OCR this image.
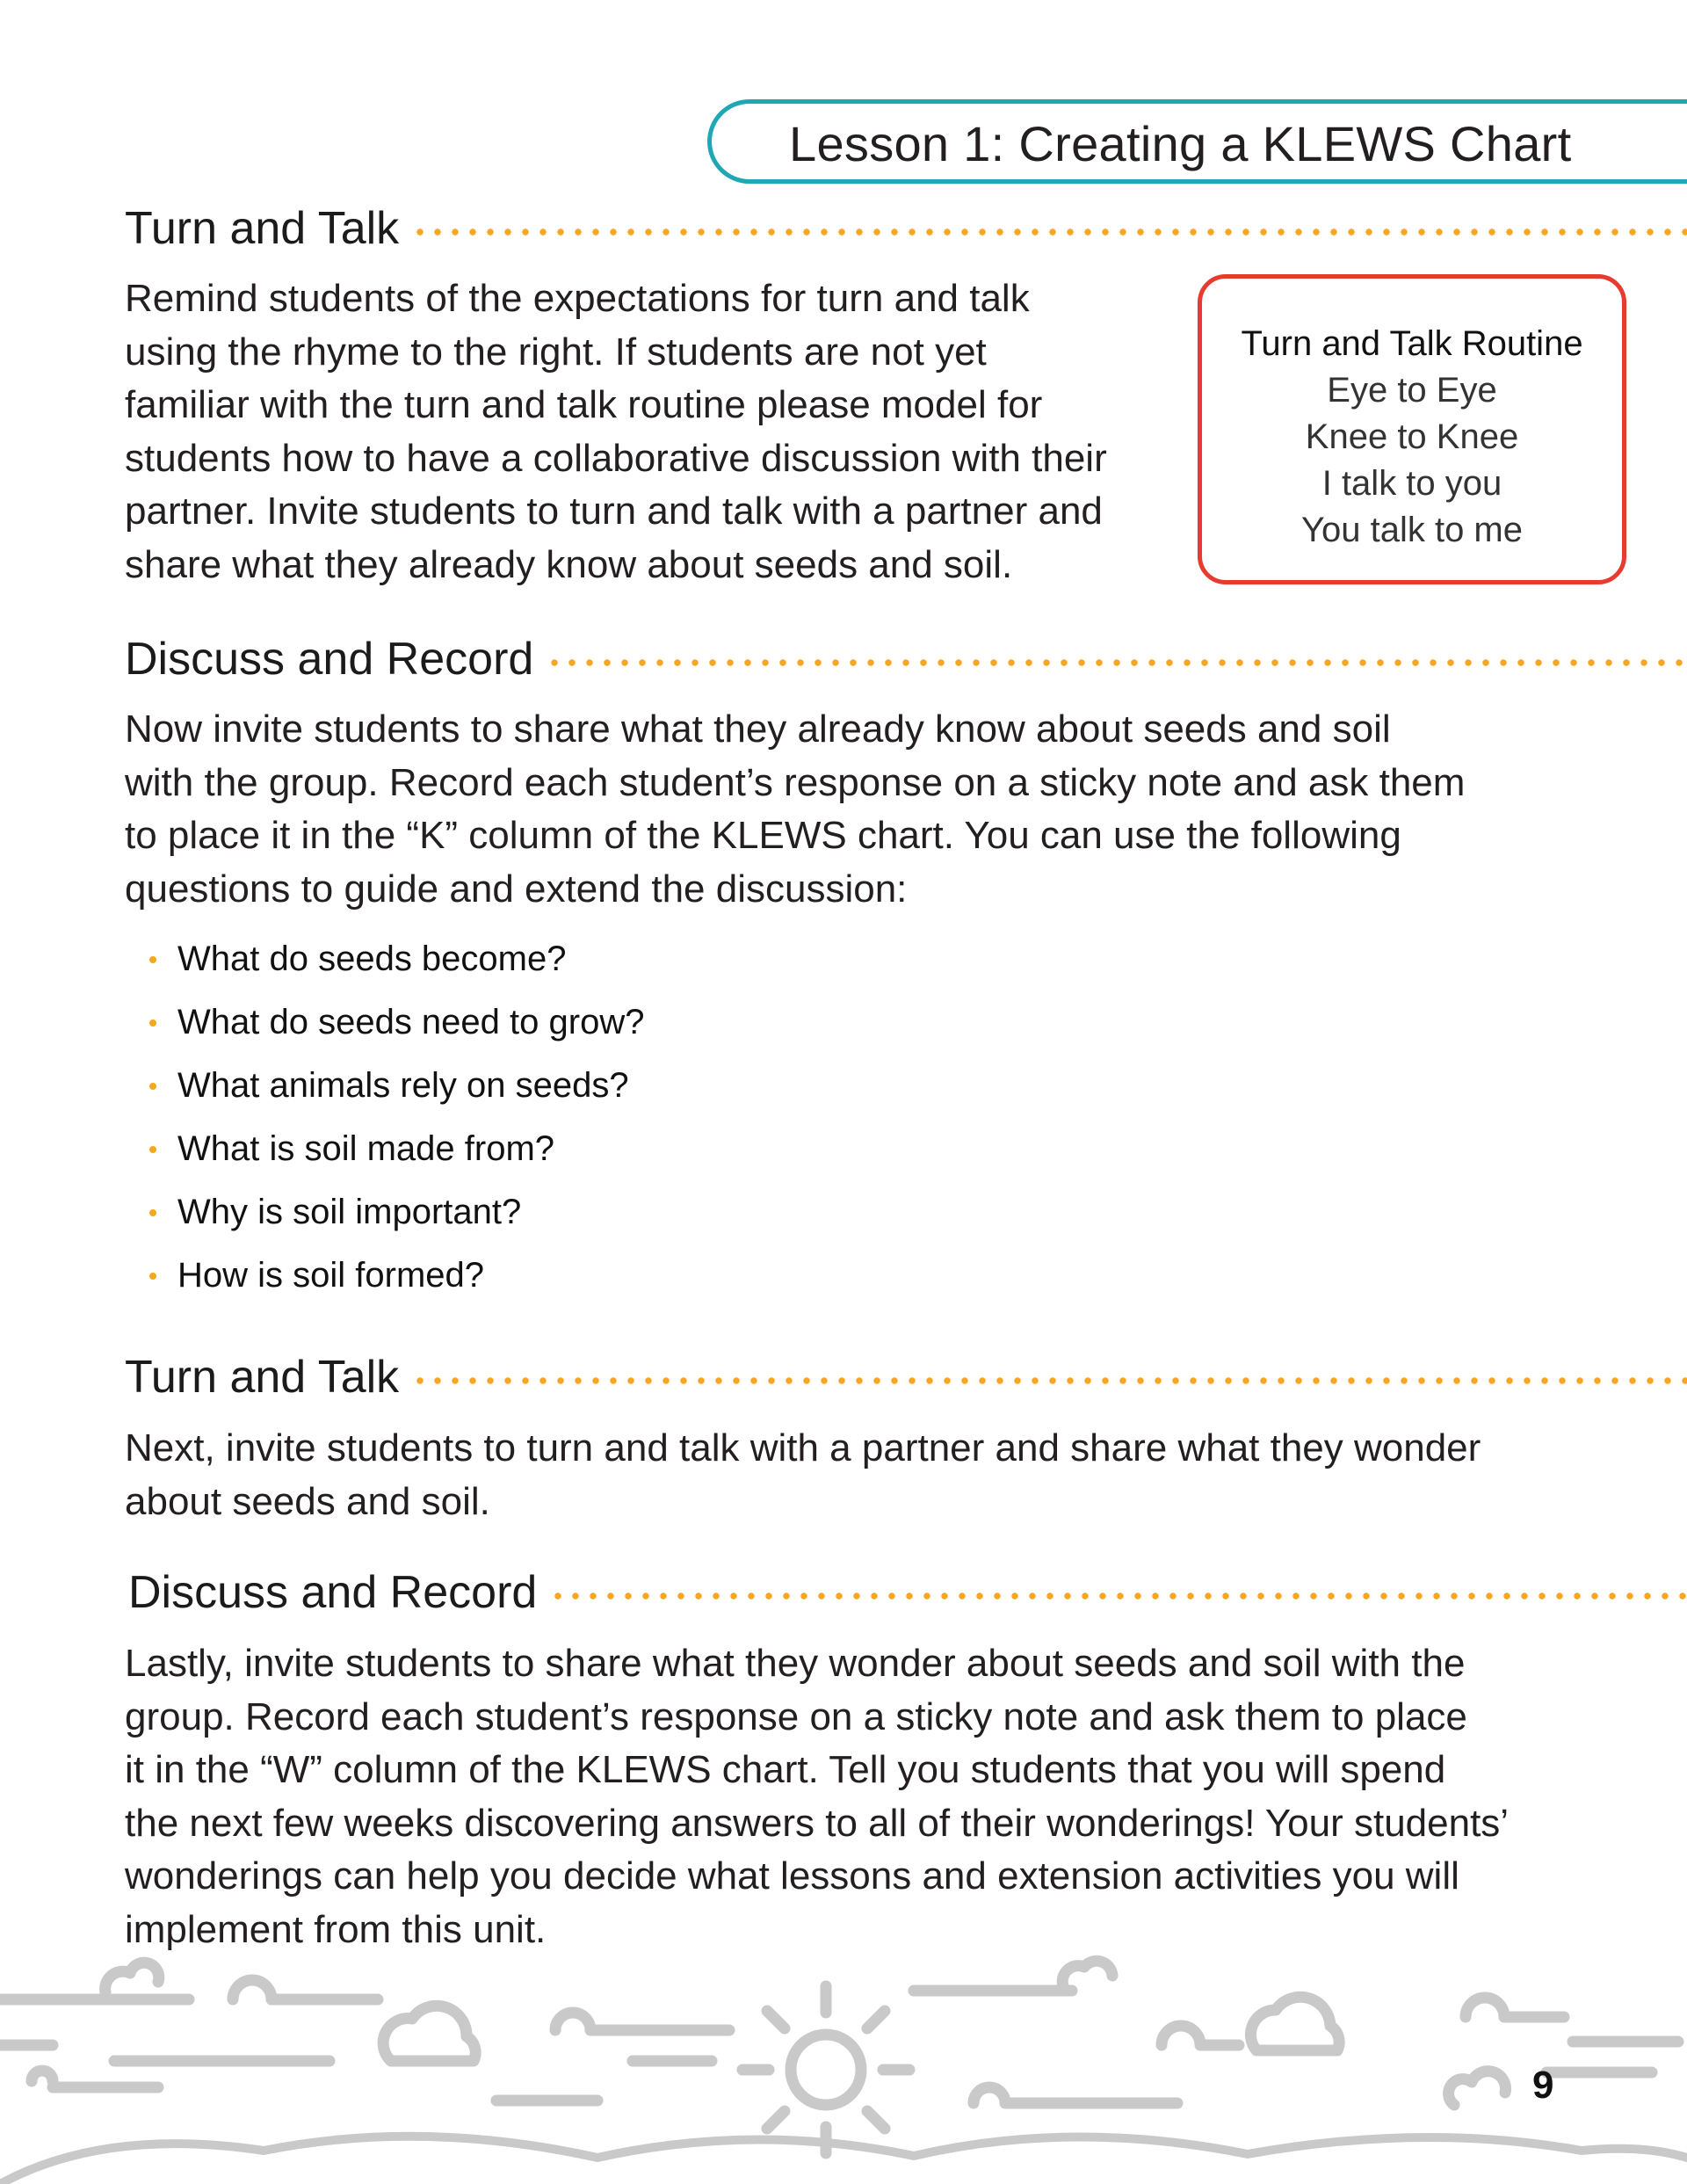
Lesson 1: Creating a KLEWS Chart
Turn and Talk
Remind students of the expectations for turn and talk
using the rhyme to the right. If students are not yet
familiar with the turn and talk routine please model for
students how to have a collaborative discussion with their
partner. Invite students to turn and talk with a partner and
share what they already know about seeds and soil.
Turn and Talk Routine
Eye to Eye
Knee to Knee
I talk to you
You talk to me
Discuss and Record
Now invite students to share what they already know about seeds and soil
with the group. Record each student’s response on a sticky note and ask them
to place it in the “K” column of the KLEWS chart. You can use the following
questions to guide and extend the discussion:
What do seeds become?
What do seeds need to grow?
What animals rely on seeds?
What is soil made from?
Why is soil important?
How is soil formed?
Turn and Talk
Next, invite students to turn and talk with a partner and share what they wonder
about seeds and soil.
Discuss and Record
Lastly, invite students to share what they wonder about seeds and soil with the
group. Record each student’s response on a sticky note and ask them to place
it in the “W” column of the KLEWS chart. Tell you students that you will spend
the next few weeks discovering answers to all of their wonderings! Your students’
wonderings can help you decide what lessons and extension activities you will
implement from this unit.
9
